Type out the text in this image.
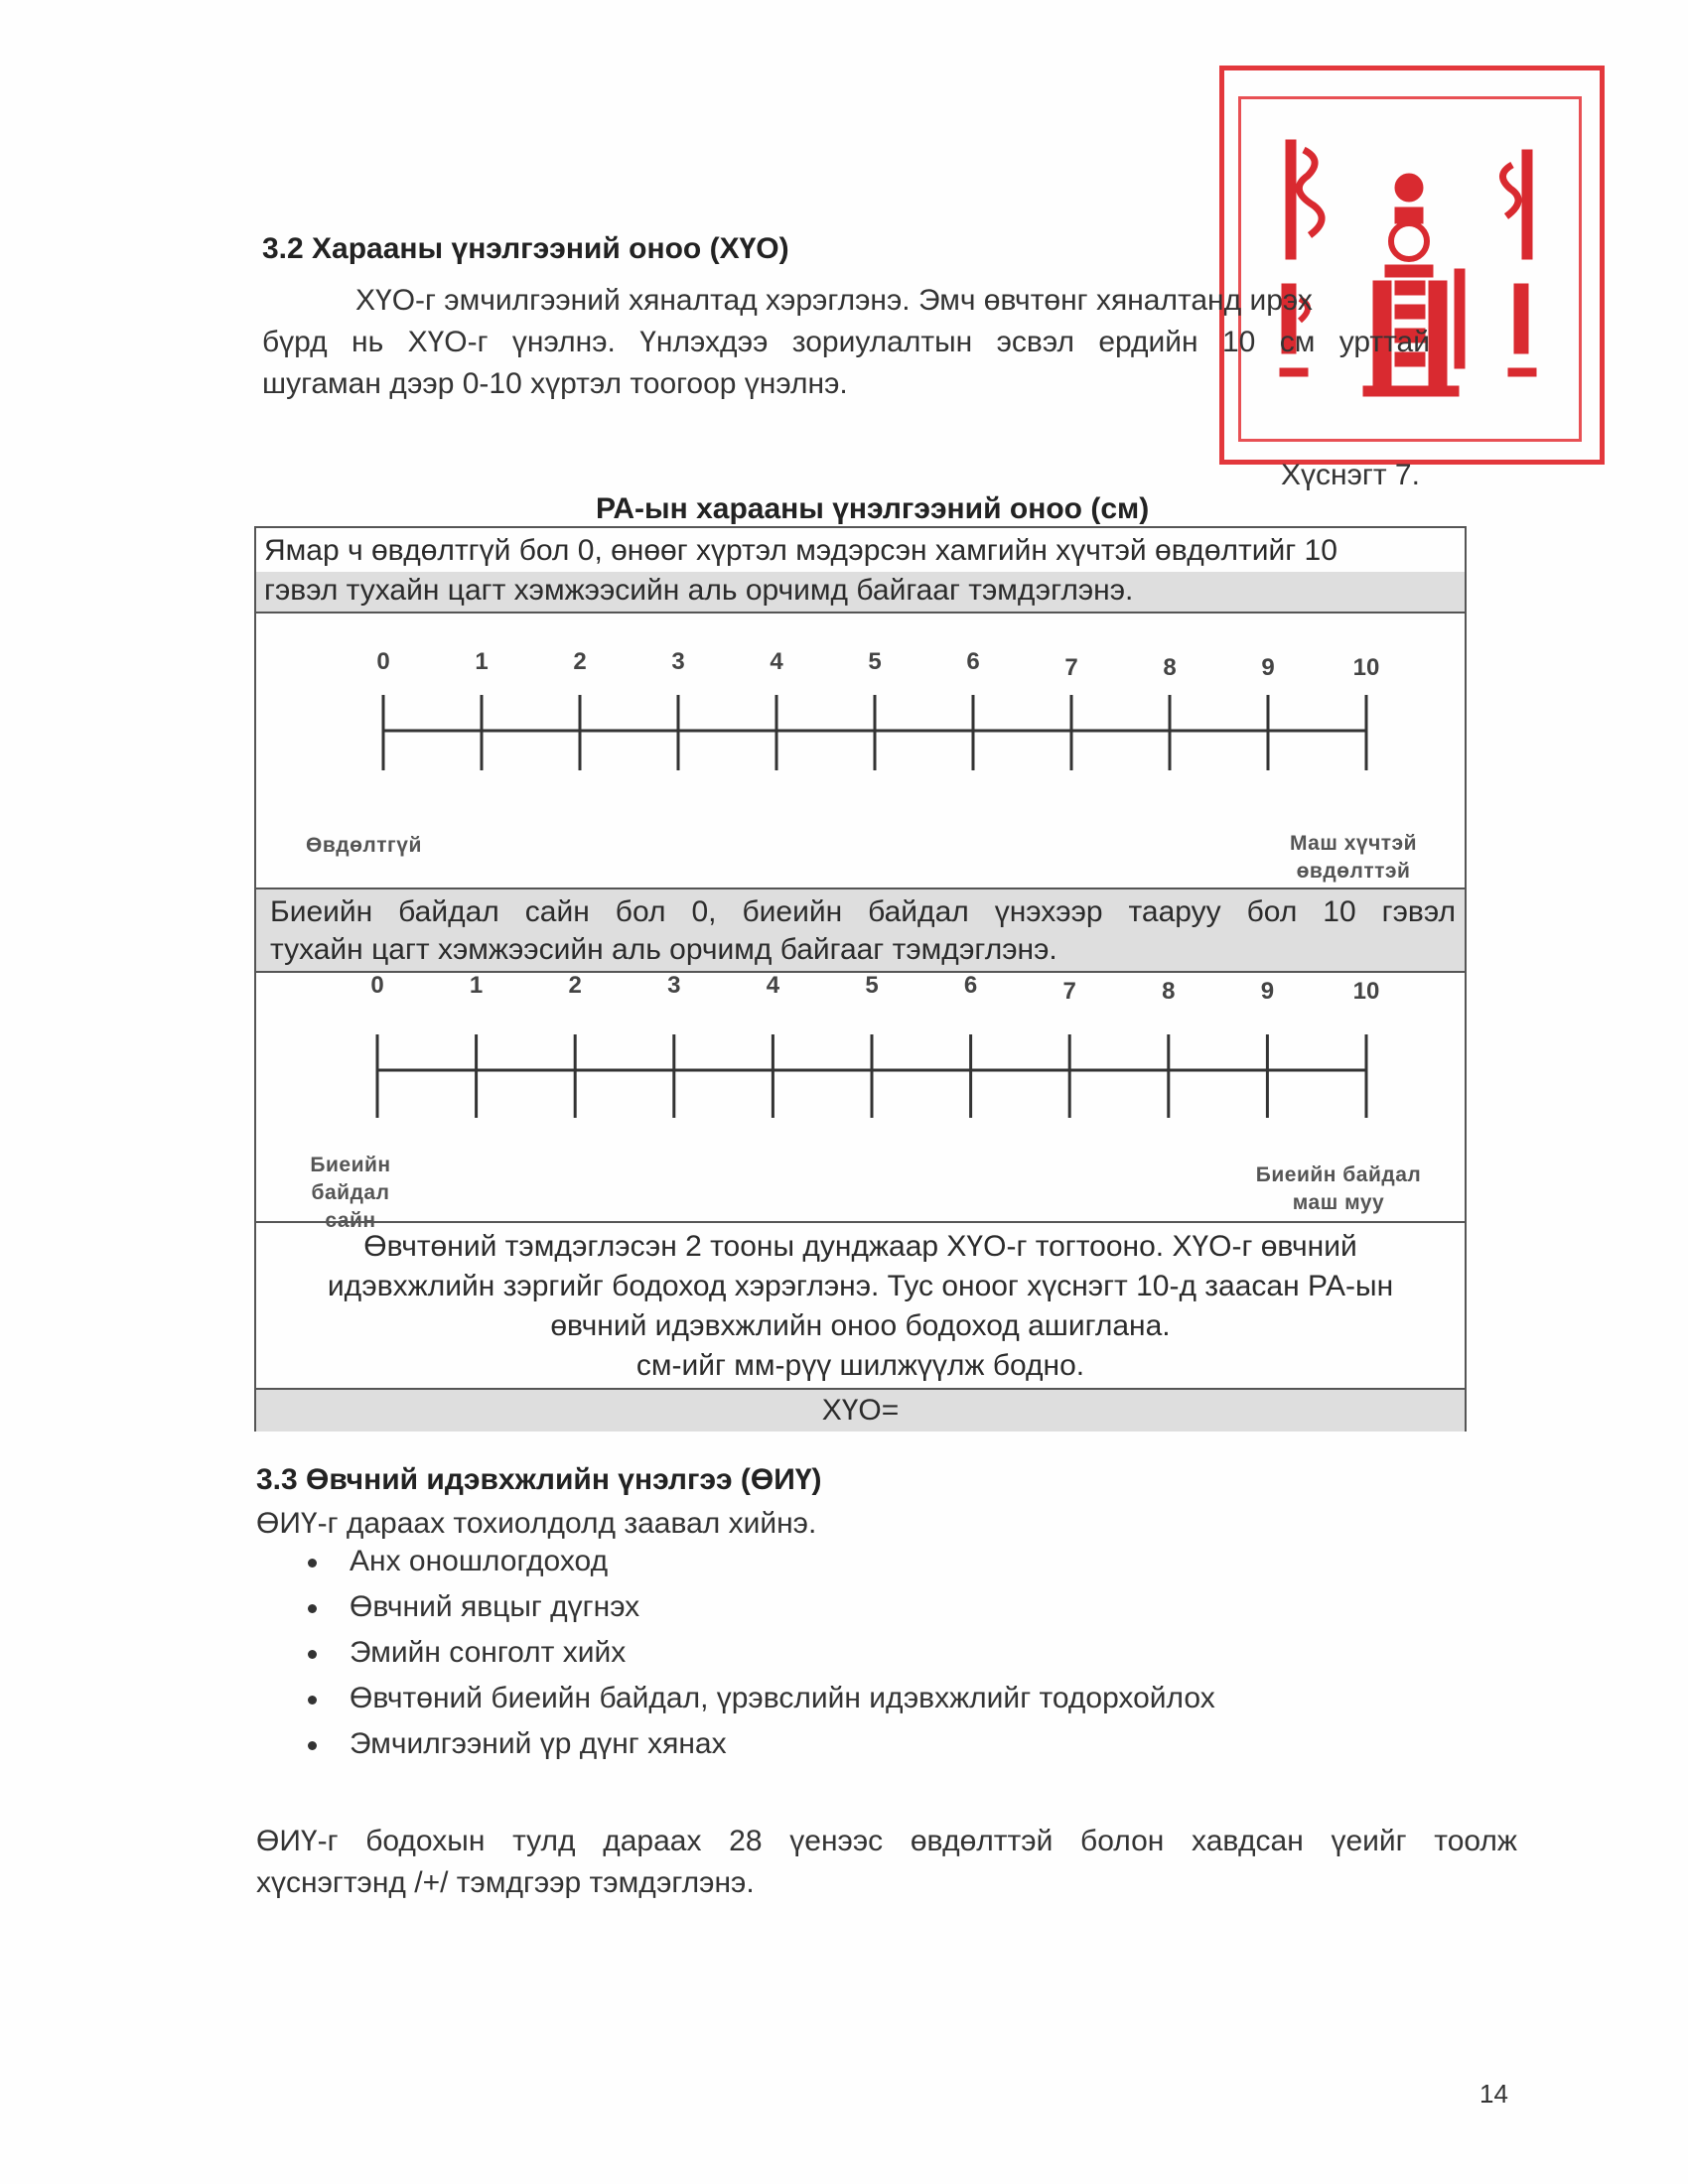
3.2 Хараaны үнэлгээний оноо (ХҮО)
ХҮО-г эмчилгээний хяналтад хэрэглэнэ. Эмч өвчтөнг хяналтанд ирэх
бүрд нь ХҮО-г үнэлнэ. Үнлэхдээ зориулалтын эсвэл ердийн 10 см урттай
шугаман дээр 0-10 хүртэл тоогоор үнэлнэ.
Хүснэгт 7.
РА-ын хараaны үнэлгээний оноо (см)
Ямар ч өвдөлтгүй бол 0, өнөөг хүртэл мэдэрсэн хамгийн хүчтэй өвдөлтийг 10
гэвэл тухайн цагт хэмжээсийн аль орчимд байгааг тэмдэглэнэ.
0	1	2	3	4	5	6	7	8	9	10
Өвдөлтгүй	Маш хүчтэй
өвдөлттэй
Биеийн байдал сайн бол 0, биеийн байдал үнэхээр тааруу бол 10 гэвэл
тухайн цагт хэмжээсийн аль орчимд байгааг тэмдэглэнэ.
0	1	2	3	4	5	6	7	8	9	10
Биеийн
байдал сайн
Биеийн байдал
маш муу
Өвчтөний тэмдэглэсэн 2 тооны дунджаар ХҮО-г тогтооно. ХҮО-г өвчний
идэвхжлийн зэргийг бодоход хэрэглэнэ. Тус оноог хүснэгт 10-д заасан РА-ын
өвчний идэвхжлийн оноо бодоход ашиглана.
см-ийг мм-рүү шилжүүлж бодно.
ХҮО=
3.3 Өвчний идэвхжлийн үнэлгээ (ӨИҮ)
ӨИҮ-г дараах тохиолдолд заавал хийнэ.
Анх оношлогдоход
Өвчний явцыг дүгнэх
Эмийн сонголт хийх
Өвчтөний биеийн байдал, үрэвслийн идэвхжлийг тодорхойлох
Эмчилгээний үр дүнг хянах
ӨИҮ-г бодохын тулд дараах 28 үенээс өвдөлттэй болон хавдсан үеийг тоолж
хүснэгтэнд /+/ тэмдгээр тэмдэглэнэ.
14
